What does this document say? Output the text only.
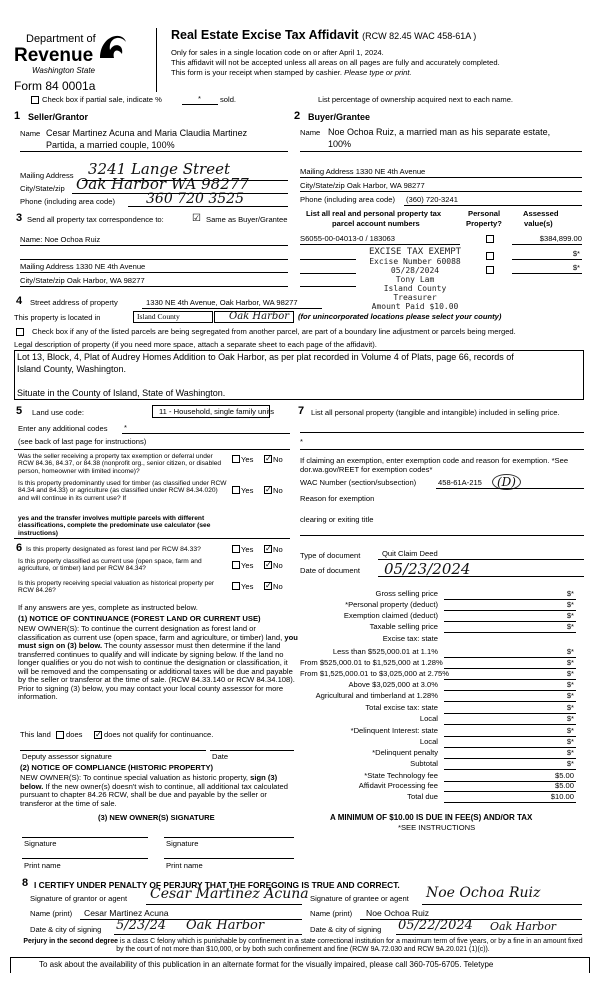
Department of
Revenue
Washington State
Form 84 0001a
Real Estate Excise Tax Affidavit (RCW 82.45 WAC 458-61A )
Only for sales in a single location code on or after April 1, 2024.
This affidavit will not be accepted unless all areas on all pages are fully and accurately completed.
This form is your receipt when stamped by cashier. Please type or print.
Check box if partial sale, indicate %	*	sold.	List percentage of ownership acquired next to each name.
1 Seller/Grantor
Name Cesar Martinez Acuna and Maria Claudia Martinez
Partida, a married couple, 100%
Mailing Address 3241 Lange Street
City/State/zip Oak Harbor WA 98277
Phone (including area code) 360 720 3525
2 Buyer/Grantee
Name Noe Ochoa Ruiz, a married man as his separate estate,
100%
Mailing Address 1330 NE 4th Avenue
City/State/zip Oak Harbor, WA 98277
Phone (including area code) (360) 720-3241
3 Send all property tax correspondence to:	☑ Same as Buyer/Grantee
Name: Noe Ochoa Ruiz
Mailing Address 1330 NE 4th Avenue
City/State/zip Oak Harbor, WA 98277
List all real and personal property tax
parcel account numbers
Personal
Property?
Assessed
value(s)
S6055-00-04013-0 / 183063	$384,899.00
$*
$*
EXCISE TAX EXEMPT
Excise Number 60088
05/28/2024
Tony Lam
Island County Treasurer
Amount Paid $10.00
4 Street address of property	1330 NE 4th Avenue, Oak Harbor, WA 98277
This property is located in	Island County	Oak Harbor (for unincorporated locations please select your county)
Check box if any of the listed parcels are being segregated from another parcel, are part of a boundary line adjustment or parcels being merged.
Legal description of property (if you need more space, attach a separate sheet to each page of the affidavit).
Lot 13, Block, 4, Plat of Audrey Homes Addition to Oak Harbor, as per plat recorded in Volume 4 of Plats, page 66, records of
Island County, Washington.
Situate in the County of Island, State of Washington.
5 Land use code:	11 - Household, single family units
Enter any additional codes *
(see back of last page for instructions)
Was the seller receiving a property tax exemption or deferral under RCW 84.36, 84.37, or 84.38 (nonprofit org., senior citizen, or disabled person, homeowner with limited income)?
Yes ✓ No
Is this property predominantly used for timber (as classified under RCW 84.34 and 84.33) or agriculture (as classified under RCW 84.34.020) and will continue in its current use? If
yes and the transfer involves multiple parcels with different classifications, complete the predominate use calculator (see instructions)
Yes ✓ No
6 Is this property designated as forest land per RCW 84.33?	Yes ✓ No
Is this property classified as current use (open space, farm and agriculture, or timber) land per RCW 84.34?	Yes ✓ No
Is this property receiving special valuation as historical property per RCW 84.26?	Yes ✓ No
If any answers are yes, complete as instructed below.
(1) NOTICE OF CONTINUANCE (FOREST LAND OR CURRENT USE)
NEW OWNER(S): To continue the current designation as forest land or classification as current use (open space, farm and agriculture, or timber) land, you must sign on (3) below. The county assessor must then determine if the land transferred continues to qualify and will indicate by signing below. If the land no longer qualifies or you do not wish to continue the designation or classification, it will be removed and the compensating or additional taxes will be due and payable by the seller or transferor at the time of sale. (RCW 84.33.140 or RCW 84.34.108). Prior to signing (3) below, you may contact your local county assessor for more information.
This land does ✓ does not qualify for continuance.
Deputy assessor signature	Date
(2) NOTICE OF COMPLIANCE (HISTORIC PROPERTY)
NEW OWNER(S): To continue special valuation as historic property, sign (3) below. If the new owner(s) doesn't wish to continue, all additional tax calculated pursuant to chapter 84.26 RCW, shall be due and payable by the seller or transferor at the time of sale.
(3) NEW OWNER(S) SIGNATURE
Signature	Signature
Print name	Print name
7 List all personal property (tangible and intangible) included in selling price.
*
If claiming an exemption, enter exemption code and reason for exemption. *See dor.wa.gov/REET for exemption codes*
WAC Number (section/subsection)	458-61A-215	(D)
Reason for exemption
clearing or exiting title
Type of document	Quit Claim Deed
Date of document 05/23/2024
Gross selling price	$*
*Personal property (deduct)	$*
Exemption claimed (deduct)	$*
Taxable selling price	$*
Excise tax: state
Less than $525,000.01 at 1.1%	$*
From $525,000.01 to $1,525,000 at 1.28%	$*
From $1,525,000.01 to $3,025,000 at 2.75%	$*
Above $3,025,000 at 3.0%	$*
Agricultural and timberland at 1.28%	$*
Total excise tax: state	$*
Local	$*
*Delinquent Interest: state	$*
Local	$*
*Delinquent penalty	$*
Subtotal	$*
*State Technology fee	$5.00
Affidavit Processing fee	$5.00
Total due	$10.00
A MINIMUM OF $10.00 IS DUE IN FEE(S) AND/OR TAX
*SEE INSTRUCTIONS
8 I CERTIFY UNDER PENALTY OF PERJURY THAT THE FOREGOING IS TRUE AND CORRECT.
Signature of grantor or agent Cesar Martinez Acuna Signature of grantee or agent Noe Ochoa Ruiz
Name (print) Cesar Martinez Acuna	Name (print) Noe Ochoa Ruiz
Date & city of signing 5/23/24 Oak Harbor	Date & city of signing 05/22/2024 Oak Harbor
Perjury in the second degree is a class C felony which is punishable by confinement in a state correctional institution for a maximum term of five years, or by a fine in an amount fixed by the court of not more than $10,000, or by both such confinement and fine (RCW 9A.72.030 and RCW 9A.20.021 (1)(c)).
To ask about the availability of this publication in an alternate format for the visually impaired, please call 360-705-6705. Teletype
